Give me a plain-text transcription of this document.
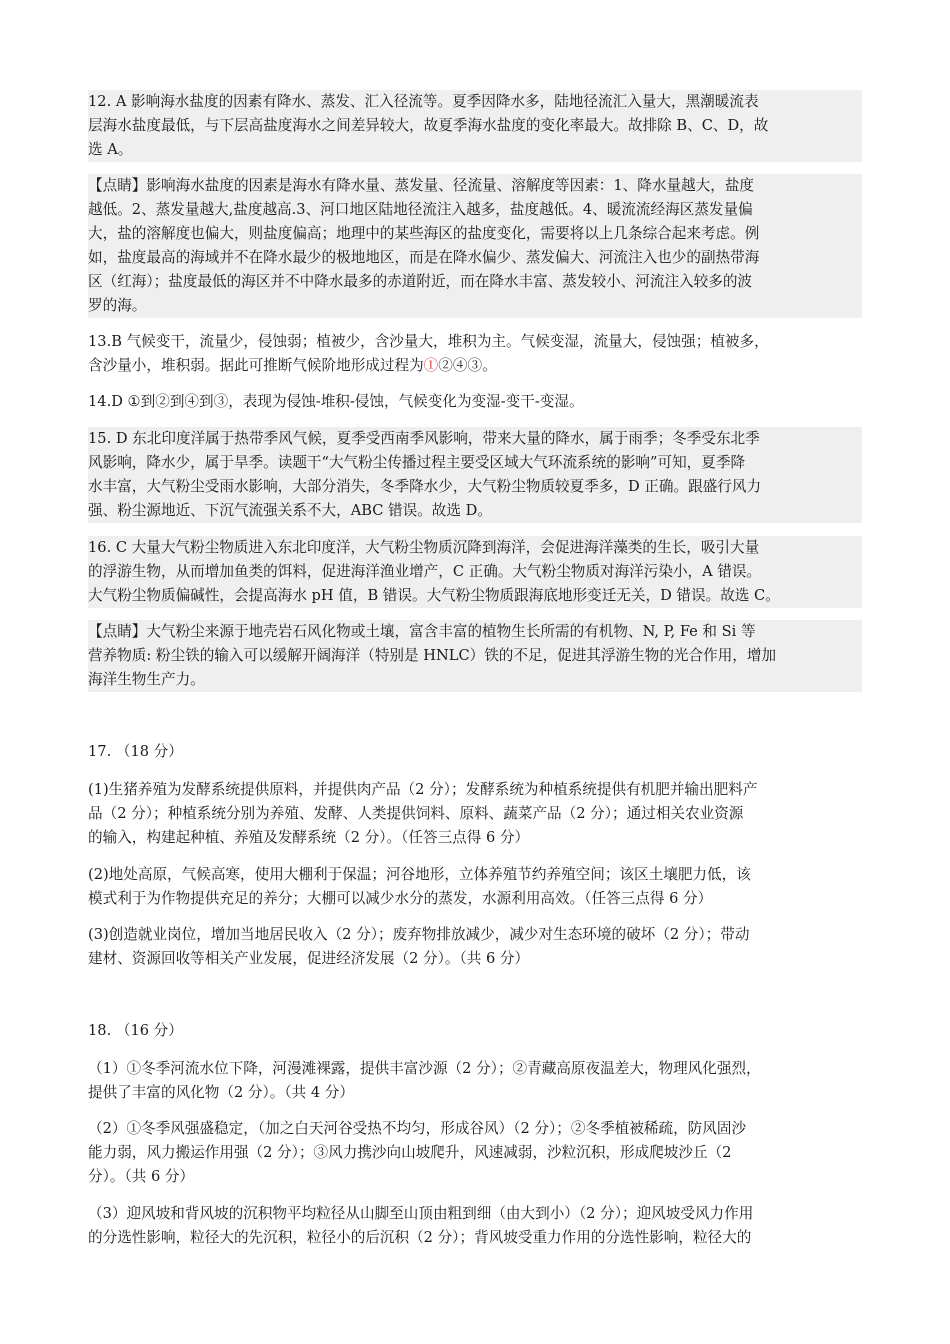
12. A 影响海水盐度的因素有降水、蒸发、汇入径流等。夏季因降水多，陆地径流汇入量大，黑潮暖流表
层海水盐度最低，与下层高盐度海水之间差异较大，故夏季海水盐度的变化率最大。故排除 B、C、D，故
选 A。
【点睛】影响海水盐度的因素是海水有降水量、蒸发量、径流量、溶解度等因素：1、降水量越大，盐度
越低。2、蒸发量越大,盐度越高.3、河口地区陆地径流注入越多，盐度越低。4、暖流流经海区蒸发量偏
大，盐的溶解度也偏大，则盐度偏高；地理中的某些海区的盐度变化，需要将以上几条综合起来考虑。例
如，盐度最高的海域并不在降水最少的极地地区，而是在降水偏少、蒸发偏大、河流注入也少的副热带海
区（红海）；盐度最低的海区并不中降水最多的赤道附近，而在降水丰富、蒸发较小、河流注入较多的波
罗的海。
13.B 气候变干，流量少，侵蚀弱；植被少，含沙量大，堆积为主。气候变湿，流量大，侵蚀强；植被多，
含沙量小，堆积弱。据此可推断气候阶地形成过程为①②④③。
14.D ①到②到④到③，表现为侵蚀-堆积-侵蚀，气候变化为变湿-变干-变湿。
15. D 东北印度洋属于热带季风气候，夏季受西南季风影响，带来大量的降水，属于雨季；冬季受东北季
风影响，降水少，属于旱季。读题干“大气粉尘传播过程主要受区域大气环流系统的影响”可知，夏季降
水丰富，大气粉尘受雨水影响，大部分消失，冬季降水少，大气粉尘物质较夏季多，D 正确。跟盛行风力
强、粉尘源地近、下沉气流强关系不大，ABC 错误。故选 D。
16. C 大量大气粉尘物质进入东北印度洋，大气粉尘物质沉降到海洋，会促进海洋藻类的生长，吸引大量
的浮游生物，从而增加鱼类的饵料，促进海洋渔业增产，C 正确。大气粉尘物质对海洋污染小，A 错误。
大气粉尘物质偏碱性，会提高海水 pH 值，B 错误。大气粉尘物质跟海底地形变迁无关，D 错误。故选 C。
【点睛】大气粉尘来源于地壳岩石风化物或土壤，富含丰富的植物生长所需的有机物、N, P, Fe 和 Si 等
营养物质: 粉尘铁的输入可以缓解开阔海洋（特别是 HNLC）铁的不足，促进其浮游生物的光合作用，增加
海洋生物生产力。
17. （18 分）
(1)生猪养殖为发酵系统提供原料，并提供肉产品（2 分）；发酵系统为种植系统提供有机肥并输出肥料产
品（2 分）；种植系统分别为养殖、发酵、人类提供饲料、原料、蔬菜产品（2 分）；通过相关农业资源
的输入，构建起种植、养殖及发酵系统（2 分）。（任答三点得 6 分）
(2)地处高原，气候高寒，使用大棚利于保温；河谷地形，立体养殖节约养殖空间；该区土壤肥力低，该
模式利于为作物提供充足的养分；大棚可以减少水分的蒸发，水源利用高效。（任答三点得 6 分）
(3)创造就业岗位，增加当地居民收入（2 分）；废弃物排放减少，减少对生态环境的破坏（2 分）；带动
建材、资源回收等相关产业发展，促进经济发展（2 分）。（共 6 分）
18. （16 分）
（1）①冬季河流水位下降，河漫滩裸露，提供丰富沙源（2 分）；②青藏高原夜温差大，物理风化强烈，
提供了丰富的风化物（2 分）。（共 4 分）
（2）①冬季风强盛稳定，（加之白天河谷受热不均匀，形成谷风）（2 分）；②冬季植被稀疏，防风固沙
能力弱，风力搬运作用强（2 分）；③风力携沙向山坡爬升，风速减弱，沙粒沉积，形成爬坡沙丘（2
分）。（共 6 分）
（3）迎风坡和背风坡的沉积物平均粒径从山脚至山顶由粗到细（由大到小）（2 分）；迎风坡受风力作用
的分选性影响，粒径大的先沉积，粒径小的后沉积（2 分）；背风坡受重力作用的分选性影响，粒径大的
